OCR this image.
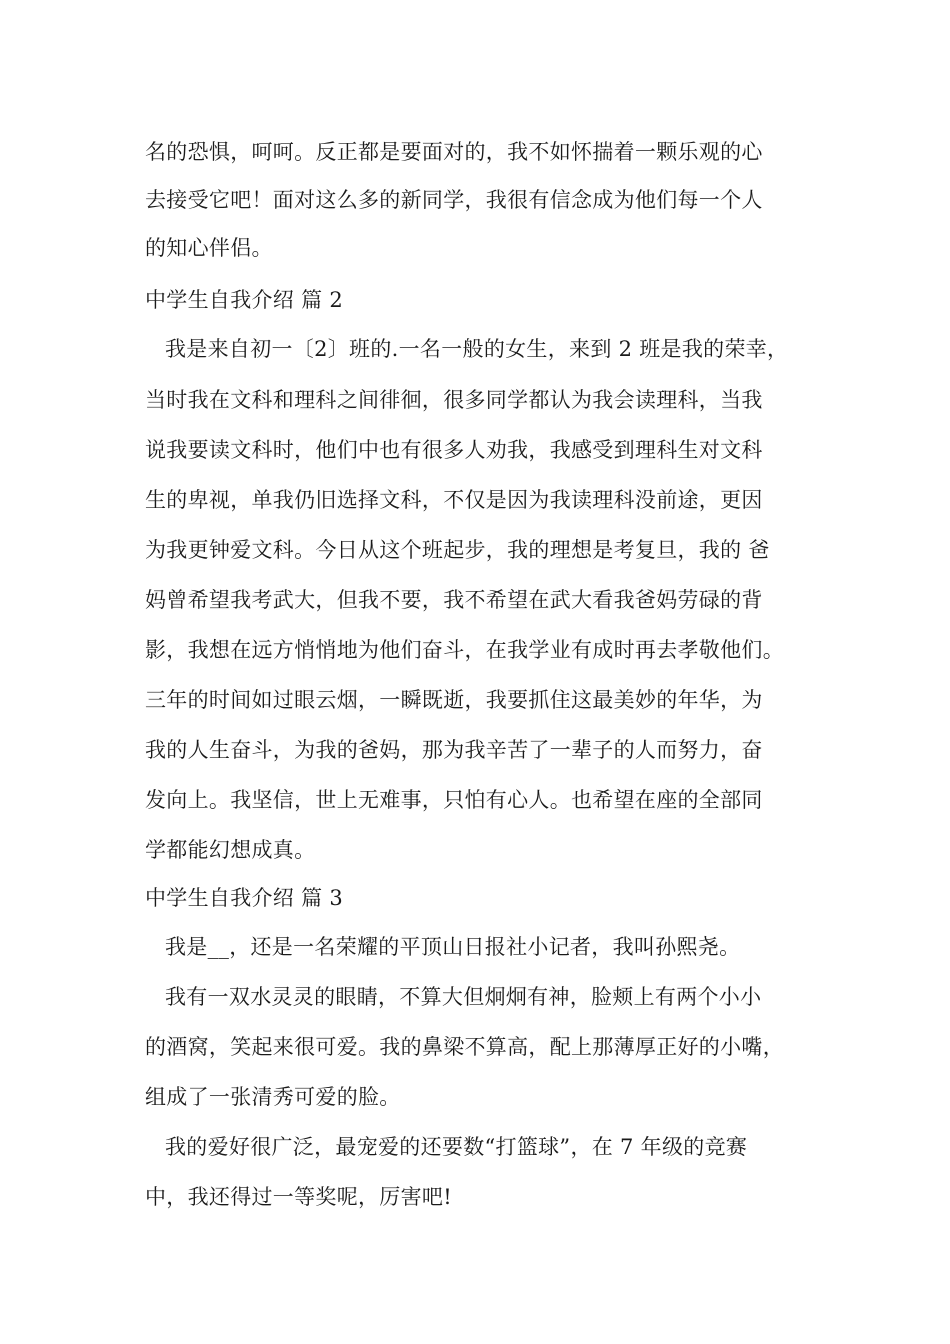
名的恐惧，呵呵。反正都是要面对的，我不如怀揣着一颗乐观的心
去接受它吧！面对这么多的新同学，我很有信念成为他们每一个人
的知心伴侣。
中学生自我介绍 篇 2
我是来自初一〔2〕班的.一名一般的女生，来到 2 班是我的荣幸，
当时我在文科和理科之间徘徊，很多同学都认为我会读理科，当我
说我要读文科时，他们中也有很多人劝我，我感受到理科生对文科
生的卑视，单我仍旧选择文科，不仅是因为我读理科没前途，更因
为我更钟爱文科。今日从这个班起步，我的理想是考复旦，我的 爸
妈曾希望我考武大，但我不要，我不希望在武大看我爸妈劳碌的背
影，我想在远方悄悄地为他们奋斗，在我学业有成时再去孝敬他们。
三年的时间如过眼云烟，一瞬既逝，我要抓住这最美妙的年华，为
我的人生奋斗，为我的爸妈，那为我辛苦了一辈子的人而努力，奋
发向上。我坚信，世上无难事，只怕有心人。也希望在座的全部同
学都能幻想成真。
中学生自我介绍 篇 3
我是__，还是一名荣耀的平顶山日报社小记者，我叫孙熙尧。
我有一双水灵灵的眼睛，不算大但炯炯有神，脸颊上有两个小小
的酒窝，笑起来很可爱。我的鼻梁不算高，配上那薄厚正好的小嘴，
组成了一张清秀可爱的脸。
我的爱好很广泛，最宠爱的还要数“打篮球”，在 7 年级的竞赛
中，我还得过一等奖呢，厉害吧!
